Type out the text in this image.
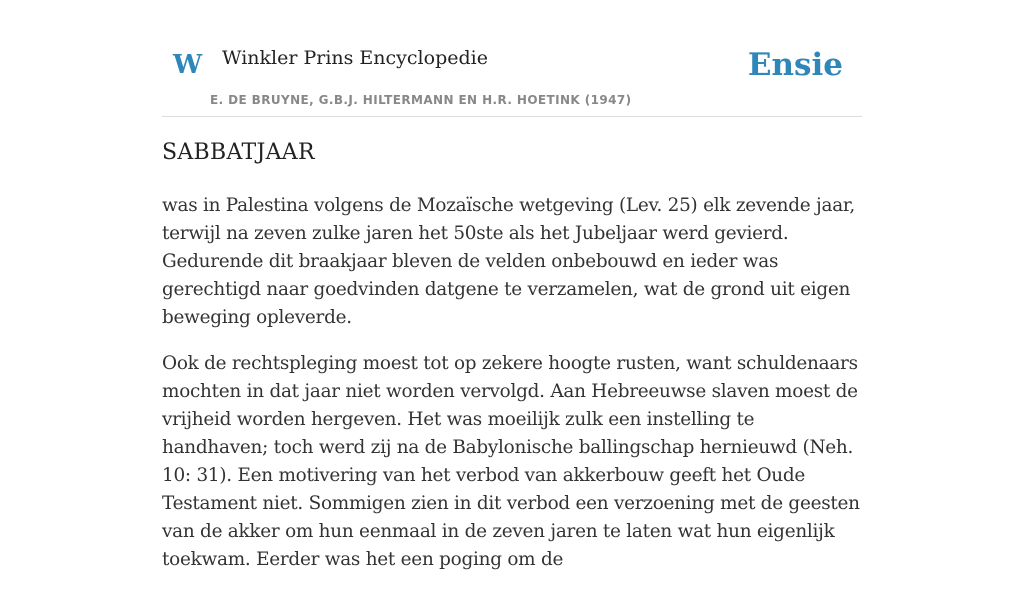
W Winkler Prins Encyclopedie
E. DE BRUYNE, G.B.J. HILTERMANN EN H.R. HOETINK (1947)
Ensie
SABBATJAAR

was in Palestina volgens de Mozaïsche wetgeving (Lev. 25) elk zevende jaar, terwijl na zeven zulke jaren het 50ste als het Jubeljaar werd gevierd. Gedurende dit braakjaar bleven de velden onbebouwd en ieder was gerechtigd naar goedvinden datgene te verzamelen, wat de grond uit eigen beweging opleverde.

Ook de rechtspleging moest tot op zekere hoogte rusten, want schuldenaars mochten in dat jaar niet worden vervolgd. Aan Hebreeuwse slaven moest de vrijheid worden hergeven. Het was moeilijk zulk een instelling te handhaven; toch werd zij na de Babylonische ballingschap hernieuwd (Neh. 10: 31). Een motivering van het verbod van akkerbouw geeft het Oude Testament niet. Sommigen zien in dit verbod een verzoening met de geesten van de akker om hun eenmaal in de zeven jaren te laten wat hun eigenlijk toekwam. Eerder was het een poging om de
